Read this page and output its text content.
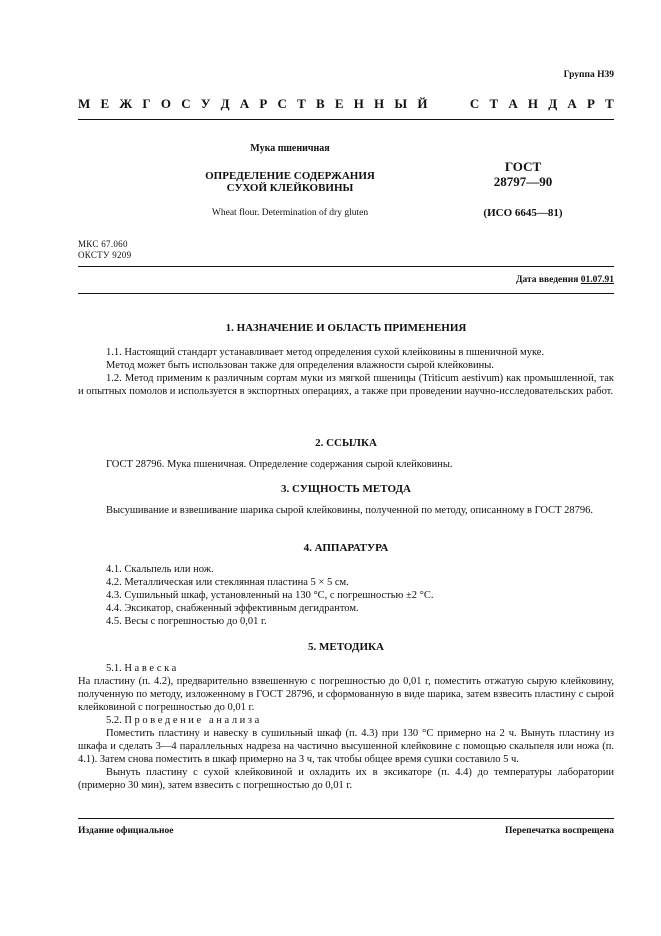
Группа Н39
М Е Ж Г О С У Д А Р С Т В Е Н Н Ы Й	С Т А Н Д А Р Т
Мука пшеничная
ОПРЕДЕЛЕНИЕ СОДЕРЖАНИЯ
СУХОЙ КЛЕЙКОВИНЫ
ГОСТ
28797—90
Wheat flour. Determination of dry gluten	(ИСО 6645—81)
МКС 67.060
ОКСТУ 9209
Дата введения 01.07.91
1. НАЗНАЧЕНИЕ И ОБЛАСТЬ ПРИМЕНЕНИЯ

1.1. Настоящий стандарт устанавливает метод определения сухой клейковины в пшеничной муке.

Метод может быть использован также для определения влажности сырой клейковины.

1.2. Метод применим к различным сортам муки из мягкой пшеницы (Triticum aestivum) как промышленной, так и опытных помолов и используется в экспортных операциях, а также при проведении научно-исследовательских работ.

2. ССЫЛКА

ГОСТ 28796. Мука пшеничная. Определение содержания сырой клейковины.

3. СУЩНОСТЬ МЕТОДА

Высушивание и взвешивание шарика сырой клейковины, полученной по методу, описанному в ГОСТ 28796.

4. АППАРАТУРА

4.1. Скальпель или нож.

4.2. Металлическая или стеклянная пластина 5 × 5 см.

4.3. Сушильный шкаф, установленный на 130 °С, с погрешностью ±2 °С.

4.4. Эксикатор, снабженный эффективным дегидрантом.

4.5. Весы с погрешностью до 0,01 г.

5. МЕТОДИКА

5.1. Навеска

На пластину (п. 4.2), предварительно взвешенную с погрешностью до 0,01 г, поместить отжатую сырую клейковину, полученную по методу, изложенному в ГОСТ 28796, и сформованную в виде шарика, затем взвесить пластину с сырой клейковиной с погрешностью до 0,01 г.

5.2. Проведение анализа

Поместить пластину и навеску в сушильный шкаф (п. 4.3) при 130 °С примерно на 2 ч. Вынуть пластину из шкафа и сделать 3—4 параллельных надреза на частично высушенной клейковине с помощью скальпеля или ножа (п. 4.1). Затем снова поместить в шкаф примерно на 3 ч, так чтобы общее время сушки составило 5 ч.

Вынуть пластину с сухой клейковиной и охладить их в эксикаторе (п. 4.4) до температуры лаборатории (примерно 30 мин), затем взвесить с погрешностью до 0,01 г.

Издание официальное	Перепечатка воспрещена
